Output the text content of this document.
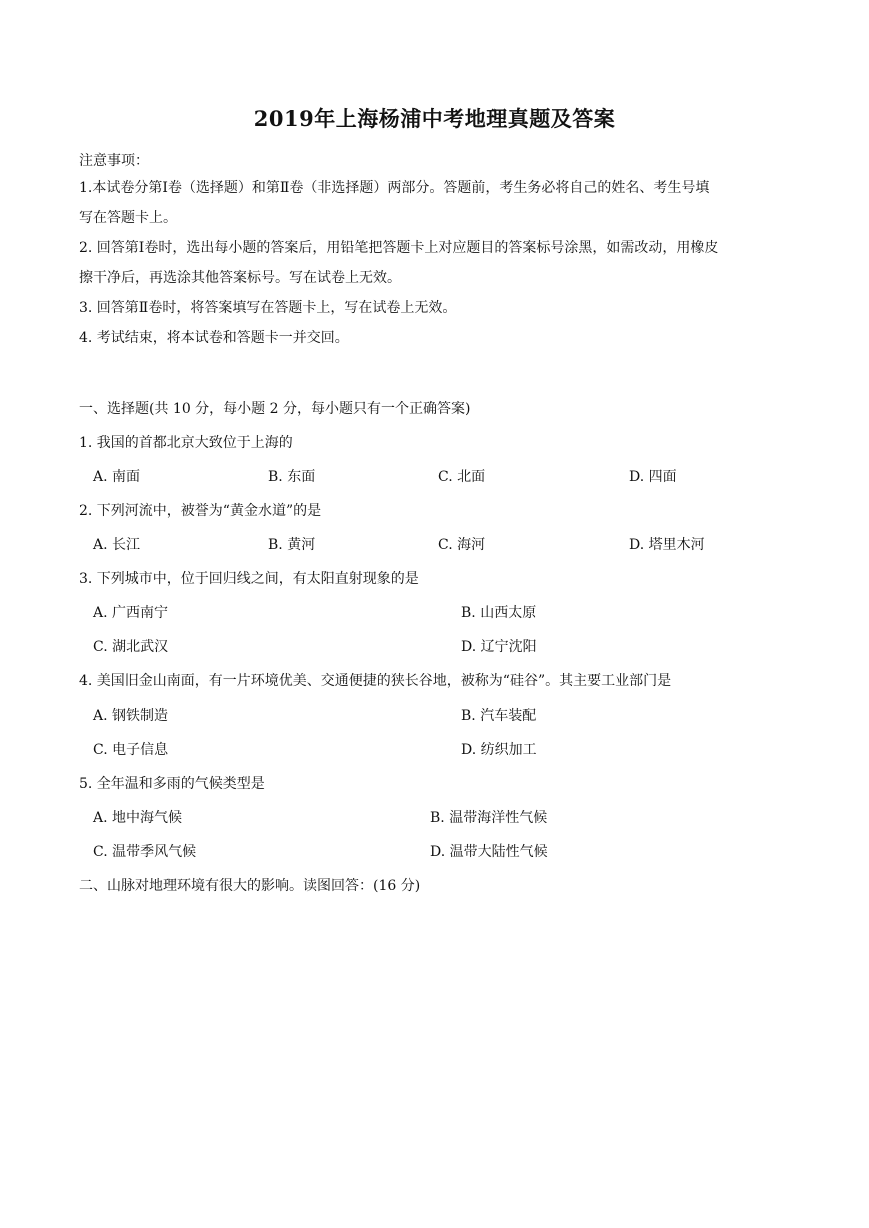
2019年上海杨浦中考地理真题及答案
注意事项：
1.本试卷分第Ⅰ卷（选择题）和第Ⅱ卷（非选择题）两部分。答题前，考生务必将自己的姓名、考生号填
写在答题卡上。
2. 回答第Ⅰ卷时，选出每小题的答案后，用铅笔把答题卡上对应题目的答案标号涂黑，如需改动，用橡皮
擦干净后，再选涂其他答案标号。写在试卷上无效。
3. 回答第Ⅱ卷时，将答案填写在答题卡上，写在试卷上无效。
4. 考试结束，将本试卷和答题卡一并交回。
一、选择题(共 10 分，每小题 2 分，每小题只有一个正确答案)
1. 我国的首都北京大致位于上海的
A. 南面	B. 东面	C. 北面	D. 四面
2. 下列河流中，被誉为“黄金水道”的是
A. 长江	B. 黄河	C. 海河	D. 塔里木河
3. 下列城市中，位于回归线之间，有太阳直射现象的是
A. 广西南宁	B. 山西太原
C. 湖北武汉	D. 辽宁沈阳
4. 美国旧金山南面，有一片环境优美、交通便捷的狭长谷地，被称为“硅谷”。其主要工业部门是
A. 钢铁制造	B. 汽车装配
C. 电子信息	D. 纺织加工
5. 全年温和多雨的气候类型是
A. 地中海气候	B. 温带海洋性气候
C. 温带季风气候	D. 温带大陆性气候
二、山脉对地理环境有很大的影响。读图回答：(16 分)
